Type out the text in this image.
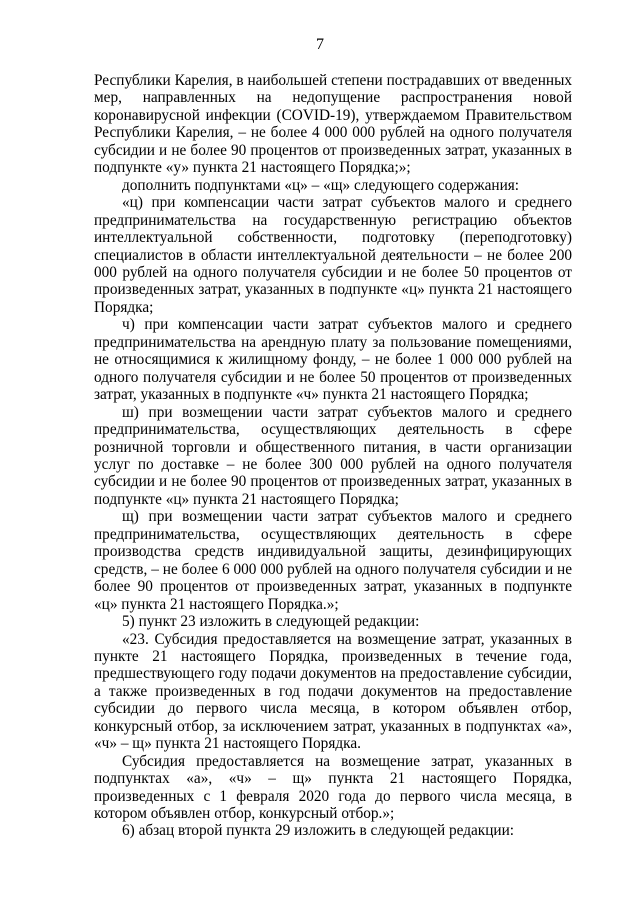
7

Республики Карелия, в наибольшей степени пострадавших от введенных мер, направленных на недопущение распространения новой коронавирусной инфекции (COVID-19), утверждаемом Правительством Республики Карелия, – не более 4 000 000 рублей на одного получателя субсидии и не более 90 процентов от произведенных затрат, указанных в подпункте «у» пункта 21 настоящего Порядка;»;

дополнить подпунктами «ц» – «щ» следующего содержания:

«ц) при компенсации части затрат субъектов малого и среднего предпринимательства на государственную регистрацию объектов интеллектуальной собственности, подготовку (переподготовку) специалистов в области интеллектуальной деятельности – не более 200 000 рублей на одного получателя субсидии и не более 50 процентов от произведенных затрат, указанных в подпункте «ц» пункта 21 настоящего Порядка;

ч) при компенсации части затрат субъектов малого и среднего предпринимательства на арендную плату за пользование помещениями, не относящимися к жилищному фонду, – не более 1 000 000 рублей на одного получателя субсидии и не более 50 процентов от произведенных затрат, указанных в подпункте «ч» пункта 21 настоящего Порядка;

ш) при возмещении части затрат субъектов малого и среднего предпринимательства, осуществляющих деятельность в сфере розничной торговли и общественного питания, в части организации услуг по доставке – не более 300 000 рублей на одного получателя субсидии и не более 90 процентов от произведенных затрат, указанных в подпункте «ц» пункта 21 настоящего Порядка;

щ) при возмещении части затрат субъектов малого и среднего предпринимательства, осуществляющих деятельность в сфере производства средств индивидуальной защиты, дезинфицирующих средств, – не более 6 000 000 рублей на одного получателя субсидии и не более 90 процентов от произведенных затрат, указанных в подпункте «ц» пункта 21 настоящего Порядка.»;

5) пункт 23 изложить в следующей редакции:

«23. Субсидия предоставляется на возмещение затрат, указанных в пункте 21 настоящего Порядка, произведенных в течение года, предшествующего году подачи документов на предоставление субсидии, а также произведенных в год подачи документов на предоставление субсидии до первого числа месяца, в котором объявлен отбор, конкурсный отбор, за исключением затрат, указанных в подпунктах «а», «ч» – щ» пункта 21 настоящего Порядка.

Субсидия предоставляется на возмещение затрат, указанных в подпунктах «а», «ч» – щ» пункта 21 настоящего Порядка, произведенных с 1 февраля 2020 года до первого числа месяца, в котором объявлен отбор, конкурсный отбор.»;

6) абзац второй пункта 29 изложить в следующей редакции:
